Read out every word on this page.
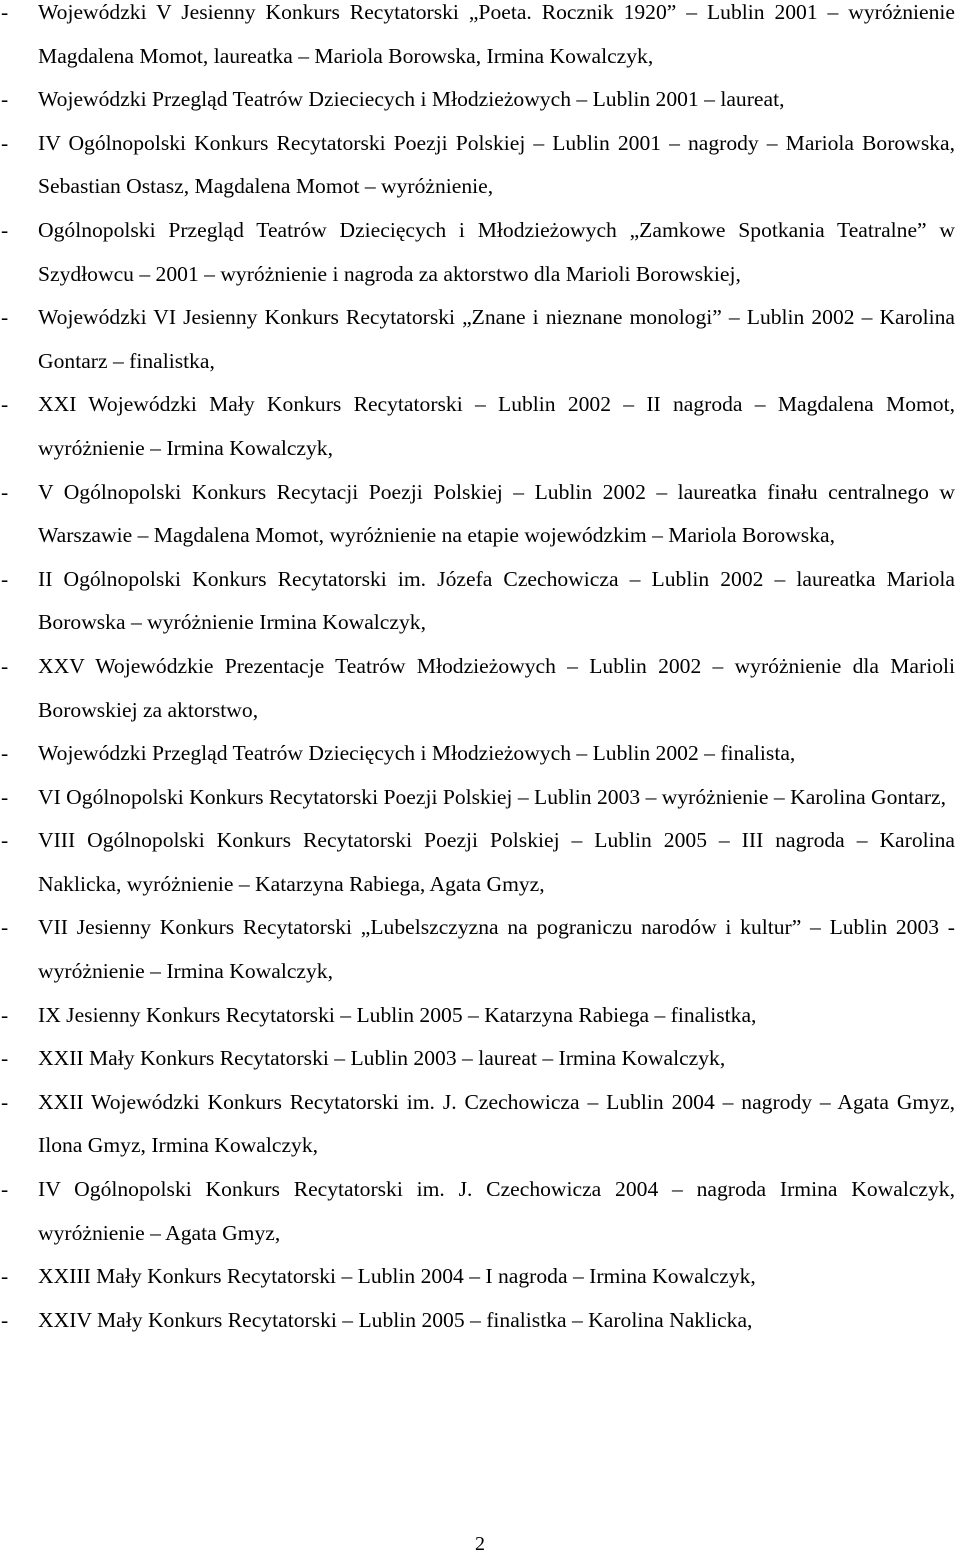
- Wojewódzki V Jesienny Konkurs Recytatorski „Poeta. Rocznik 1920” – Lublin 2001 – wyróżnienie Magdalena Momot, laureatka – Mariola Borowska, Irmina Kowalczyk,
- Wojewódzki Przegląd Teatrów Dzieciecych i Młodzieżowych – Lublin 2001 – laureat,
- IV Ogólnopolski Konkurs Recytatorski Poezji Polskiej – Lublin 2001 – nagrody – Mariola Borowska, Sebastian Ostasz, Magdalena Momot – wyróżnienie,
- Ogólnopolski Przegląd Teatrów Dziecięcych i Młodzieżowych „Zamkowe Spotkania Teatralne” w Szydłowcu – 2001 – wyróżnienie i nagroda za aktorstwo dla Marioli Borowskiej,
- Wojewódzki VI Jesienny Konkurs Recytatorski „Znane i nieznane monologi” – Lublin 2002 – Karolina Gontarz – finalistka,
- XXI Wojewódzki Mały Konkurs Recytatorski – Lublin 2002 – II nagroda – Magdalena Momot, wyróżnienie – Irmina Kowalczyk,
- V Ogólnopolski Konkurs Recytacji Poezji Polskiej – Lublin 2002 – laureatka finału centralnego w Warszawie – Magdalena Momot, wyróżnienie na etapie wojewódzkim – Mariola Borowska,
- II Ogólnopolski Konkurs Recytatorski im. Józefa Czechowicza – Lublin 2002 – laureatka Mariola Borowska – wyróżnienie Irmina Kowalczyk,
- XXV Wojewódzkie Prezentacje Teatrów Młodzieżowych – Lublin 2002 – wyróżnienie dla Marioli Borowskiej za aktorstwo,
- Wojewódzki Przegląd Teatrów Dziecięcych i Młodzieżowych – Lublin 2002 – finalista,
- VI Ogólnopolski Konkurs Recytatorski Poezji Polskiej – Lublin 2003 – wyróżnienie – Karolina Gontarz,
- VIII Ogólnopolski Konkurs Recytatorski Poezji Polskiej – Lublin 2005 – III nagroda – Karolina Naklicka, wyróżnienie – Katarzyna Rabiega, Agata Gmyz,
- VII Jesienny Konkurs Recytatorski „Lubelszczyzna na pograniczu narodów i kultur” – Lublin 2003 - wyróżnienie – Irmina Kowalczyk,
- IX Jesienny Konkurs Recytatorski – Lublin 2005 – Katarzyna Rabiega – finalistka,
- XXII Mały Konkurs Recytatorski – Lublin 2003 – laureat – Irmina Kowalczyk,
- XXII Wojewódzki Konkurs Recytatorski im. J. Czechowicza – Lublin 2004 – nagrody – Agata Gmyz, Ilona Gmyz, Irmina Kowalczyk,
- IV Ogólnopolski Konkurs Recytatorski im. J. Czechowicza 2004 – nagroda Irmina Kowalczyk, wyróżnienie – Agata Gmyz,
- XXIII Mały Konkurs Recytatorski – Lublin 2004 – I nagroda – Irmina Kowalczyk,
- XXIV Mały Konkurs Recytatorski – Lublin 2005 – finalistka – Karolina Naklicka,
2
